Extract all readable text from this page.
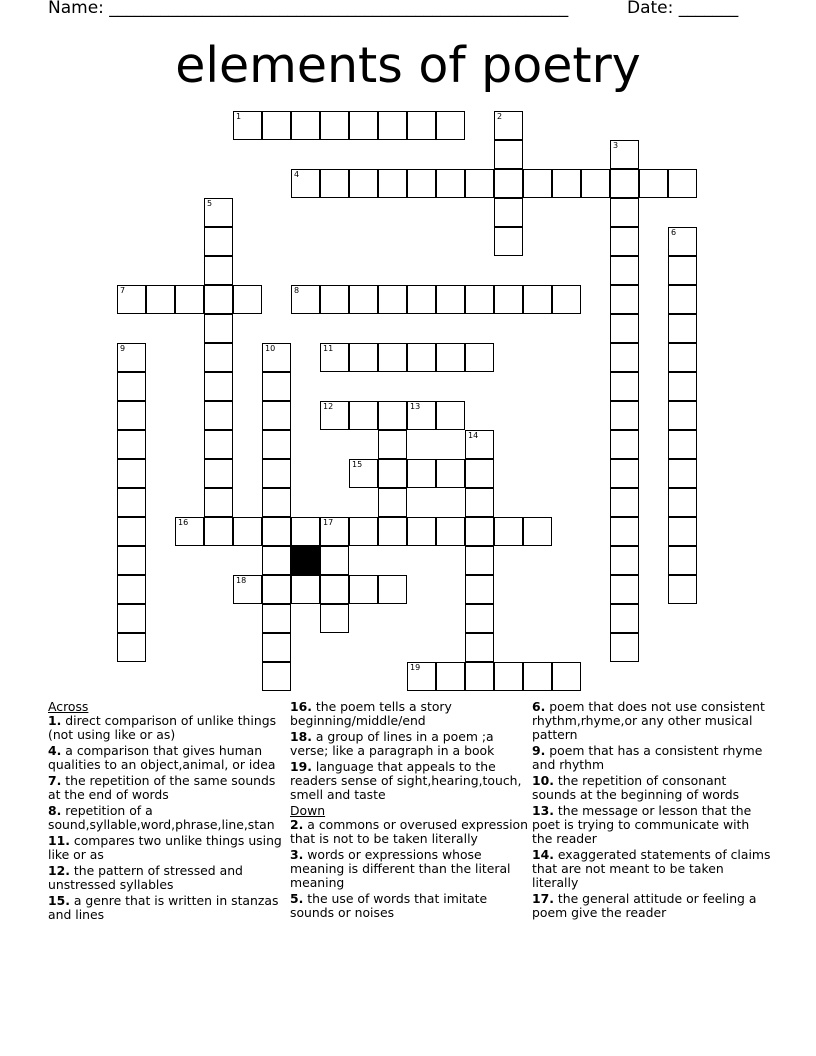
Name: ______________________________________________________	Date: _______
elements of poetry
1	2
3
4
5
6
7	8
9	10	11
12	13
14
15
16	17
18
19
Across
1. direct comparison of unlike things (not using like or as)
4. a comparison that gives human qualities to an object,animal, or idea
7. the repetition of the same sounds at the end of words
8. repetition of a sound,syllable,word,phrase,line,stan
11. compares two unlike things using like or as
12. the pattern of stressed and unstressed syllables
15. a genre that is written in stanzas and lines
16. the poem tells a story beginning/middle/end
18. a group of lines in a poem ;a verse; like a paragraph in a book
19. language that appeals to the readers sense of sight,hearing,touch, smell and taste
Down
2. a commons or overused expression that is not to be taken literally
3. words or expressions whose meaning is different than the literal meaning
5. the use of words that imitate sounds or noises
6. poem that does not use consistent rhythm,rhyme,or any other musical pattern
9. poem that has a consistent rhyme and rhythm
10. the repetition of consonant sounds at the beginning of words
13. the message or lesson that the poet is trying to communicate with the reader
14. exaggerated statements of claims that are not meant to be taken literally
17. the general attitude or feeling a poem give the reader
